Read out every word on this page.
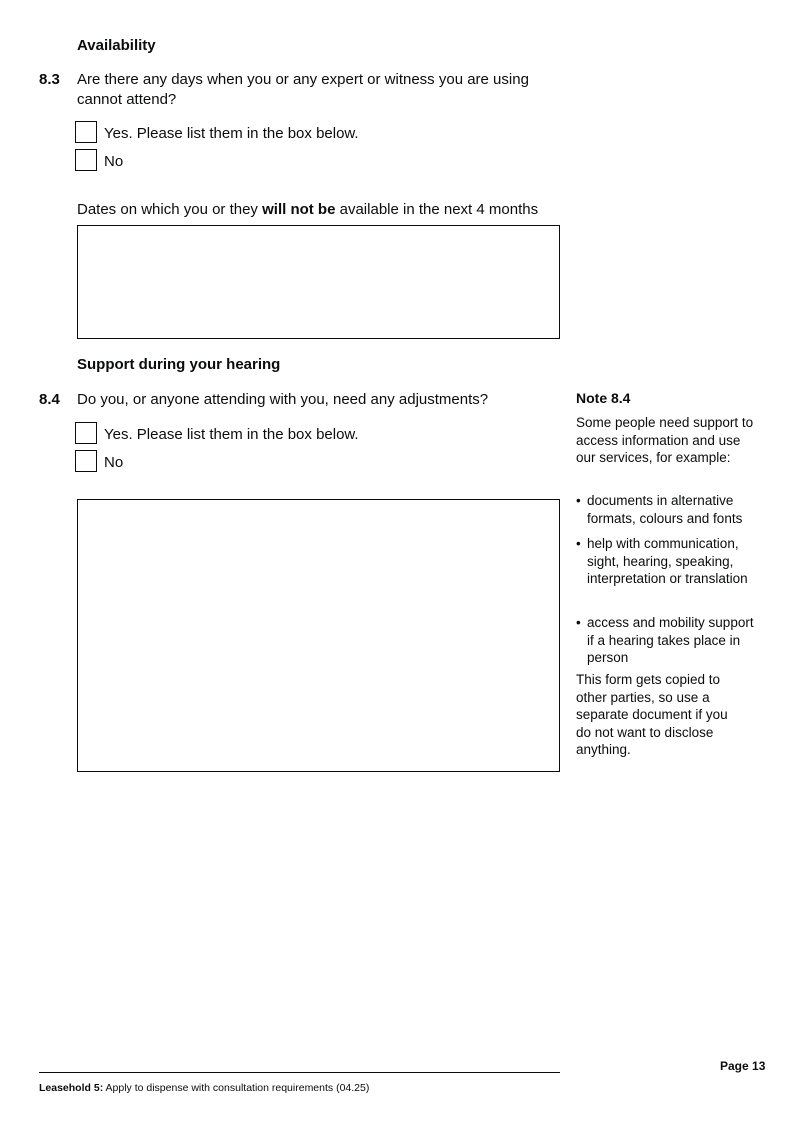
Availability
8.3 Are there any days when you or any expert or witness you are using cannot attend?
Yes. Please list them in the box below.
No
Dates on which you or they will not be available in the next 4 months
Support during your hearing
8.4 Do you, or anyone attending with you, need any adjustments?
Yes. Please list them in the box below.
No
Note 8.4
Some people need support to access information and use our services, for example:
• documents in alternative formats, colours and fonts
• help with communication, sight, hearing, speaking, interpretation or translation
• access and mobility support if a hearing takes place in person
This form gets copied to other parties, so use a separate document if you do not want to disclose anything.
Page 13
Leasehold 5: Apply to dispense with consultation requirements (04.25)
